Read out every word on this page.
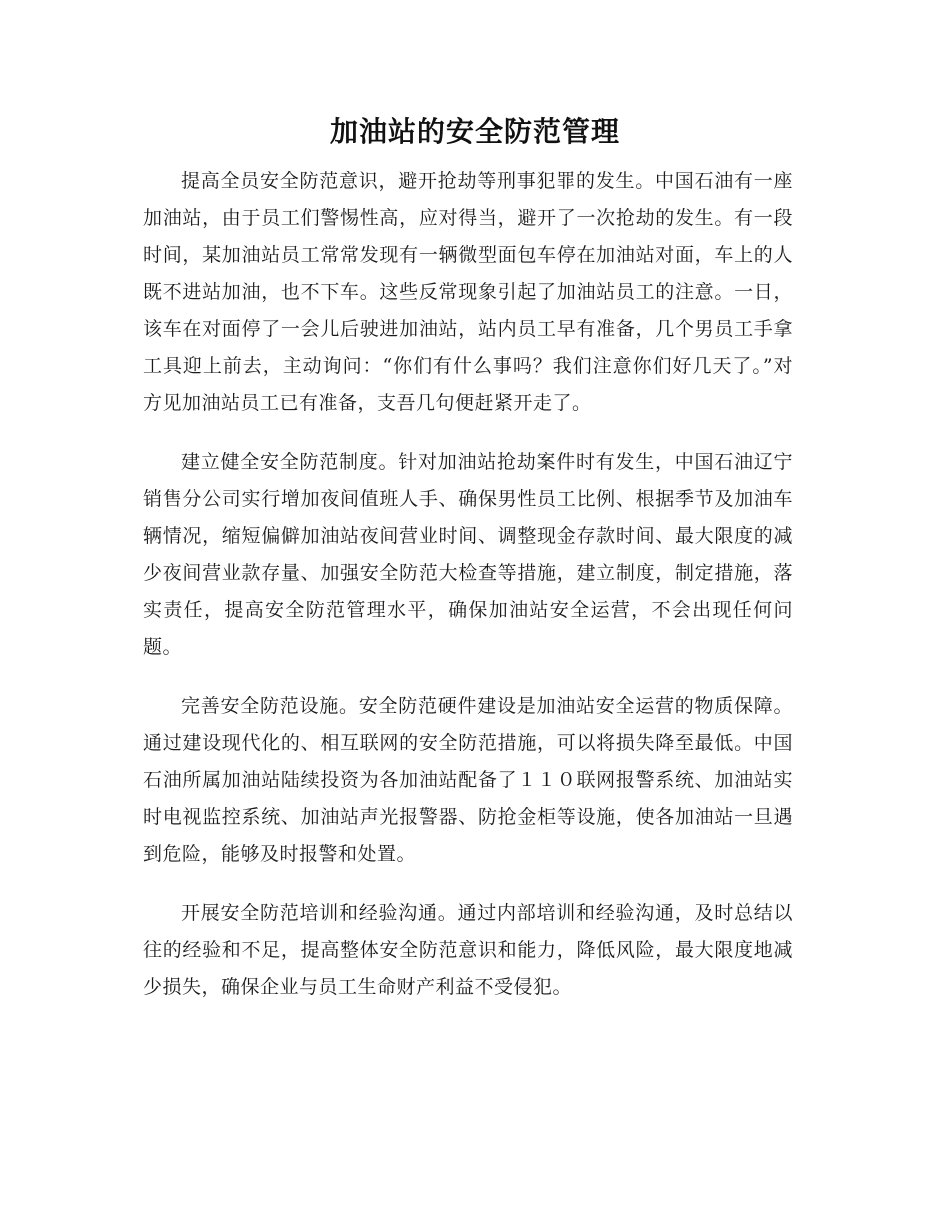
加油站的安全防范管理

提高全员安全防范意识，避开抢劫等刑事犯罪的发生。中国石油有一座加油站，由于员工们警惕性高，应对得当，避开了一次抢劫的发生。有一段时间，某加油站员工常常发现有一辆微型面包车停在加油站对面，车上的人既不进站加油，也不下车。这些反常现象引起了加油站员工的注意。一日，该车在对面停了一会儿后驶进加油站，站内员工早有准备，几个男员工手拿工具迎上前去，主动询问：“你们有什么事吗？我们注意你们好几天了。”对方见加油站员工已有准备，支吾几句便赶紧开走了。

建立健全安全防范制度。针对加油站抢劫案件时有发生，中国石油辽宁销售分公司实行增加夜间值班人手、确保男性员工比例、根据季节及加油车辆情况，缩短偏僻加油站夜间营业时间、调整现金存款时间、最大限度的减少夜间营业款存量、加强安全防范大检查等措施，建立制度，制定措施，落实责任，提高安全防范管理水平，确保加油站安全运营，不会出现任何问题。

完善安全防范设施。安全防范硬件建设是加油站安全运营的物质保障。通过建设现代化的、相互联网的安全防范措施，可以将损失降至最低。中国石油所属加油站陆续投资为各加油站配备了１１０联网报警系统、加油站实时电视监控系统、加油站声光报警器、防抢金柜等设施，使各加油站一旦遇到危险，能够及时报警和处置。

开展安全防范培训和经验沟通。通过内部培训和经验沟通，及时总结以往的经验和不足，提高整体安全防范意识和能力，降低风险，最大限度地减少损失，确保企业与员工生命财产利益不受侵犯。
